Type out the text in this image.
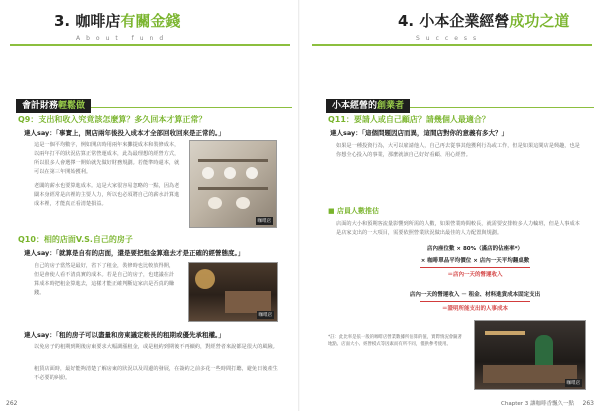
3. 咖啡店有關金錢
About fund
會計財務輕鬆做
Q9：支出和收入究竟該怎麼算？多久回本才算正常？
達人say：「事實上，開店兩年後投入成本才全部回收回來是正常的。」
這是一個平均數字，例如開店時用兩年來攤提成本和裝修成本，以兩年打平的狀況估算正常營運成本，此為最理想的經營方式，所以很多人會選擇一開始就先做好財務規劃。若能準時還本，就可以在第三年開始獲利。
老闆的薪水也要算進成本。這是大家很容易忽略的一點，因為老闆本身經常是店裡的主要人力，所以也必須將自己的薪水計算進成本裡，才能真正看清楚損益。
咖啡店
Q10：相的店面V.S.自己的房子
達人say：「就算是自有的店面，還是要把租金算進去才是正確的經營態度。」
自己的房子當然是最好，省下了租金，裝修時也比較放得開，但是會使人看不清真實的成本。若是自己的房子，也建議在計算成本時把租金算進去，這樣才能正確判斷這家店是否真的賺錢。
咖啡店
達人say：「租的房子可以盡量和房東議定較長的租期或優先承租權。」
以免房子的租期到期後房東要求大幅調漲租金，或是租約到期後不再續約，對經營者來說都是很大的風險。
租賃店面時，最好能夠清楚了解房東的狀況以及周邊的發展，在簽約之前多花一些時間打聽，避免日後產生不必要的糾紛。
262
4. 小本企業經營成功之道
Success
小本經營的創業者
Q11：要請人或自己顧店？請幾個人最適合？
達人say：「這個問題因店而異，這間店對你的意義有多大？」
如果是一種投資行為，大可以雇請他人，自己再去從事其他獲利行為或工作，但是如果這間店是興趣，也是你想全心投入的事業，那麼就該自己好好看顧、用心經營。
■ 店員人數推估
店面的大小和預期客流量影響到所需的人數，如果營業時間較長，就需要安排較多人力輪班，但是人事成本是店家支出的一大項目，需要依照營業狀況做出最佳的人力配置與規劃。
店內座位數 × 80%（滿店的佔座率*）
× 咖啡單品平均價位 × 店內一天平均翻桌數
＝店內一天的營運收入
店內一天的營運收入 － 租金、材料進貨成本固定支出
＝證明所能支出的人事成本
*註：此比率是依一般的咖啡店營業數據所估算的值，實際情況會隨著地點、店面大小、經營模式等因素而有所不同，僅供參考使用。
咖啡店
Chapter 3 讓咖啡香飄久一點 263
